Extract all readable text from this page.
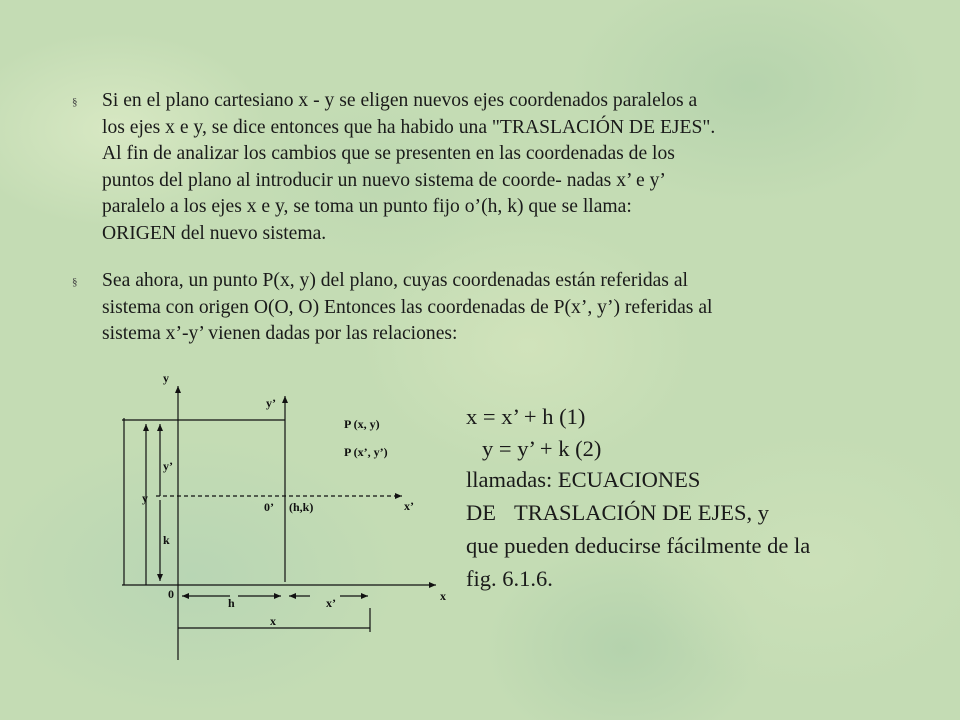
§	Si en el plano cartesiano x - y se eligen nuevos ejes coordenados paralelos a
los ejes x e y, se dice entonces que ha habido una "TRASLACIÓN DE EJES".
Al fin de analizar los cambios que se presenten en las coordenadas de los
puntos del plano al introducir un nuevo sistema de coorde- nadas x’ e y’
paralelo a los ejes x e y, se toma un punto fijo o’(h, k) que se llama:
ORIGEN del nuevo sistema.
§	Sea ahora, un punto P(x, y) del plano, cuyas coordenadas están referidas al
sistema con origen O(O, O) Entonces las coordenadas de P(x’, y’) referidas al
sistema x’-y’ vienen dadas por las relaciones:
y
y’
P (x, y)
P (x’, y’)
y’
y
0’ (h,k)	x’
k
0	x
h	x’
x
x = x’ + h (1)
y = y’ + k (2)
llamadas: ECUACIONES
DE TRASLACIÓN DE EJES, y
que pueden deducirse fácilmente de la
fig. 6.1.6.
